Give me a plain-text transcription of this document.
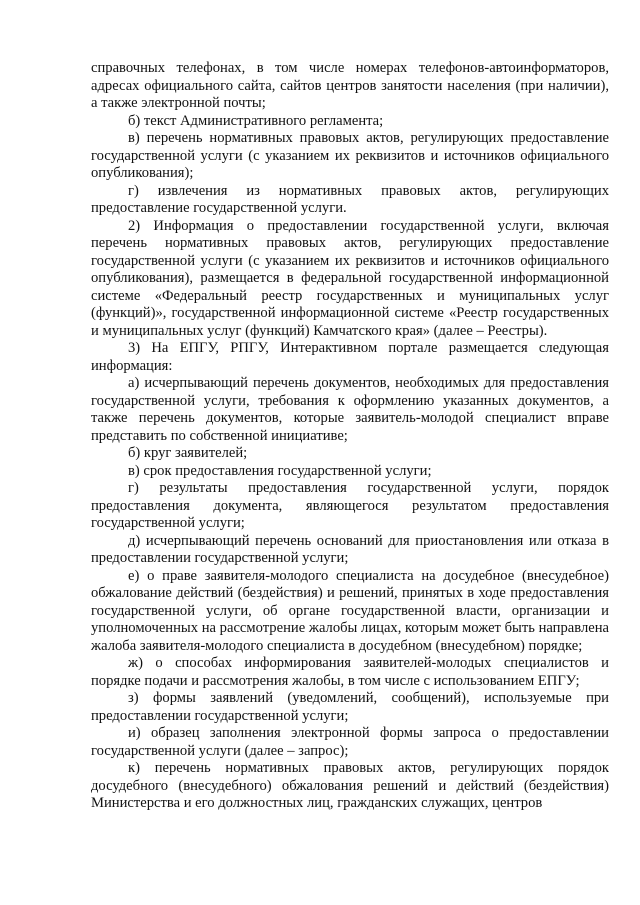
справочных телефонах, в том числе номерах телефонов-автоинформаторов, адресах официального сайта, сайтов центров занятости населения (при наличии), а также электронной почты;

б) текст Административного регламента;

в) перечень нормативных правовых актов, регулирующих предоставление государственной услуги (с указанием их реквизитов и источников официального опубликования);

г) извлечения из нормативных правовых актов, регулирующих предоставление государственной услуги.

2) Информация о предоставлении государственной услуги, включая перечень нормативных правовых актов, регулирующих предоставление государственной услуги (с указанием их реквизитов и источников официального опубликования), размещается в федеральной государственной информационной системе «Федеральный реестр государственных и муниципальных услуг (функций)», государственной информационной системе «Реестр государственных и муниципальных услуг (функций) Камчатского края» (далее – Реестры).

3) На ЕПГУ, РПГУ, Интерактивном портале размещается следующая информация:

а) исчерпывающий перечень документов, необходимых для предоставления государственной услуги, требования к оформлению указанных документов, а также перечень документов, которые заявитель-молодой специалист вправе представить по собственной инициативе;

б) круг заявителей;

в) срок предоставления государственной услуги;

г) результаты предоставления государственной услуги, порядок предоставления документа, являющегося результатом предоставления государственной услуги;

д) исчерпывающий перечень оснований для приостановления или отказа в предоставлении государственной услуги;

е) о праве заявителя-молодого специалиста на досудебное (внесудебное) обжалование действий (бездействия) и решений, принятых в ходе предоставления государственной услуги, об органе государственной власти, организации и уполномоченных на рассмотрение жалобы лицах, которым может быть направлена жалоба заявителя-молодого специалиста в досудебном (внесудебном) порядке;

ж) о способах информирования заявителей-молодых специалистов и порядке подачи и рассмотрения жалобы, в том числе с использованием ЕПГУ;

з) формы заявлений (уведомлений, сообщений), используемые при предоставлении государственной услуги;

и) образец заполнения электронной формы запроса о предоставлении государственной услуги (далее – запрос);

к) перечень нормативных правовых актов, регулирующих порядок досудебного (внесудебного) обжалования решений и действий (бездействия) Министерства и его должностных лиц, гражданских служащих, центров
